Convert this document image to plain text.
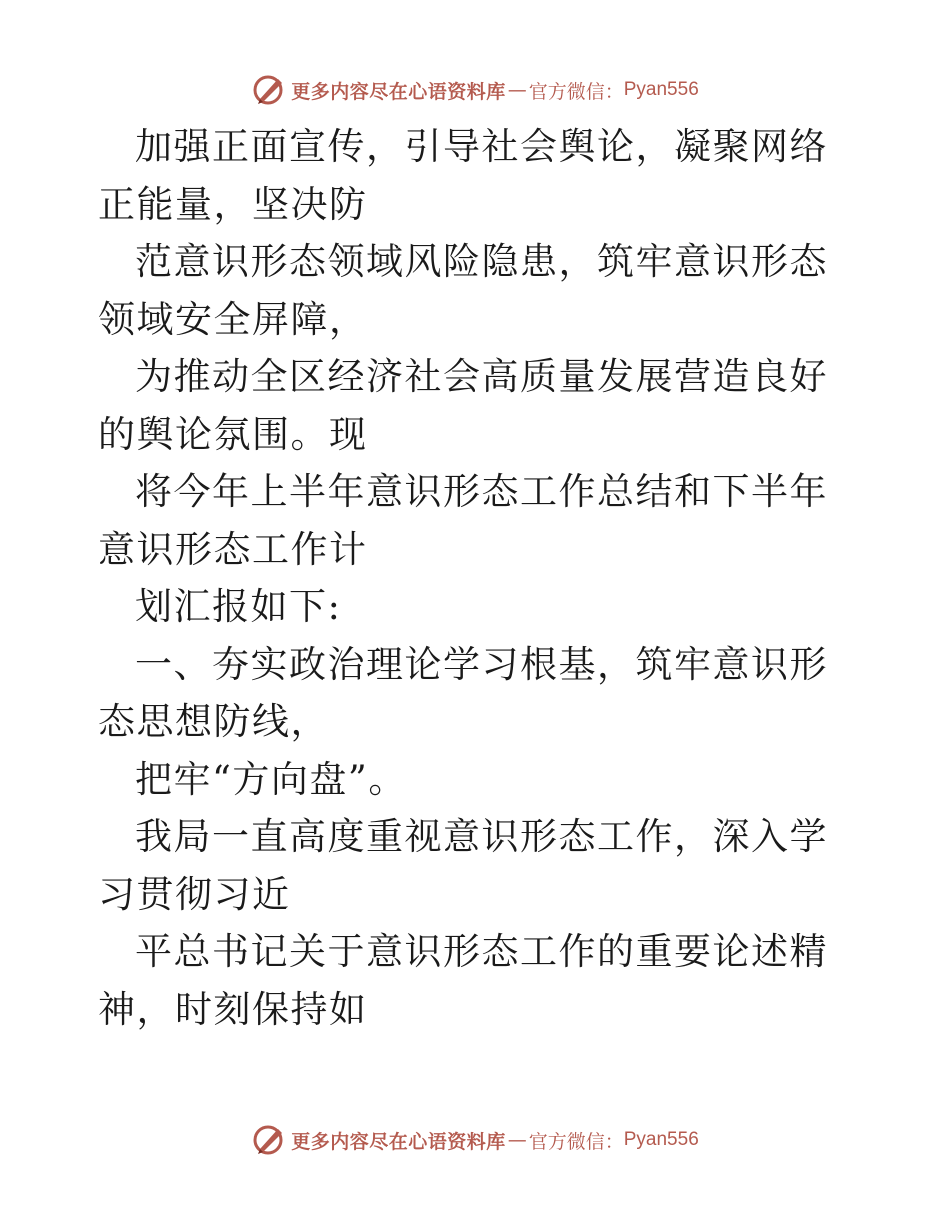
更多内容尽在心语资料库 — 官方微信： Pyan556

加强正面宣传，引导社会舆论，凝聚网络正能量，坚决防

范意识形态领域风险隐患，筑牢意识形态领域安全屏障，

为推动全区经济社会高质量发展营造良好的舆论氛围。现

将今年上半年意识形态工作总结和下半年意识形态工作计

划汇报如下:

一、夯实政治理论学习根基，筑牢意识形态思想防线，

把牢“方向盘”。

我局一直高度重视意识形态工作，深入学习贯彻习近

平总书记关于意识形态工作的重要论述精神，时刻保持如

更多内容尽在心语资料库 — 官方微信： Pyan556
